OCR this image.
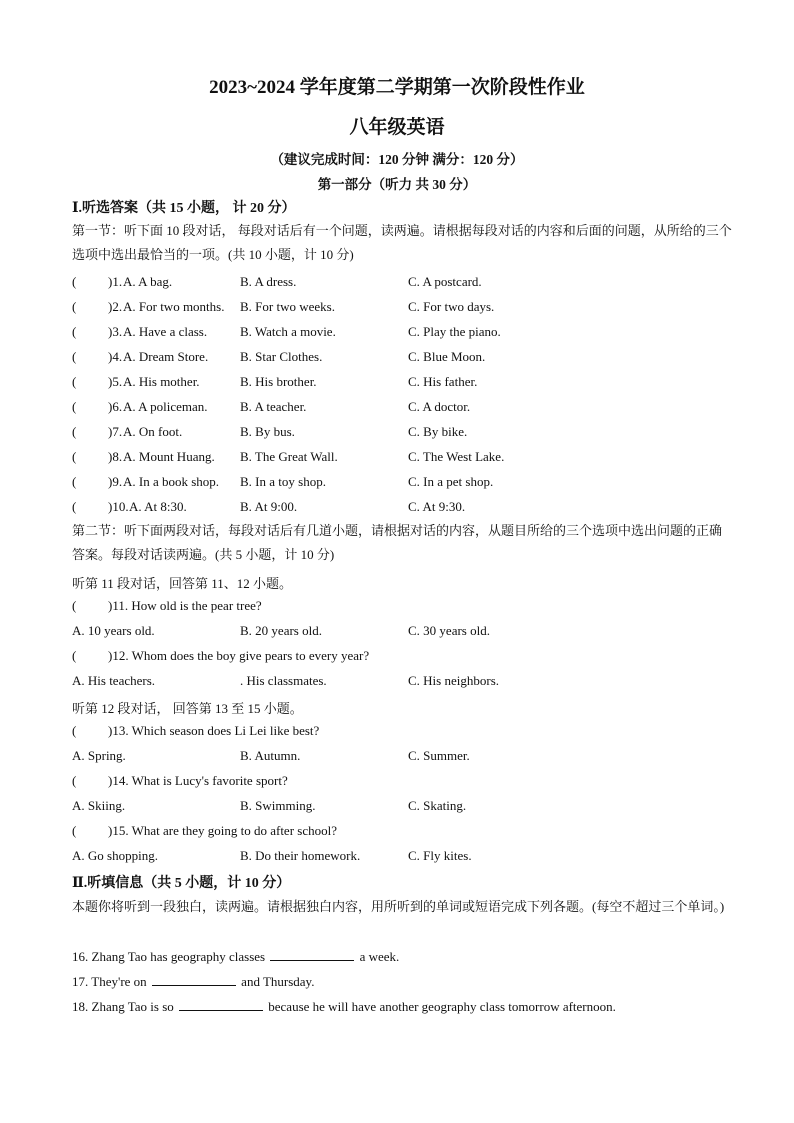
2023~2024 学年度第二学期第一次阶段性作业
八年级英语
（建议完成时间：120 分钟 满分：120 分）
第一部分（听力 共 30 分）
Ⅰ.听选答案（共 15 小题， 计 20 分）
第一节：听下面 10 段对话， 每段对话后有一个问题，读两遍。请根据每段对话的内容和后面的问题，从所给的三个选项中选出最恰当的一项。(共 10 小题，计 10 分)
( )1. A. A bag.	B. A dress.	C. A postcard.
( )2. A. For two months. B. For two weeks.	C. For two days.
( )3. A. Have a class.	B. Watch a movie.	C. Play the piano.
( )4. A. Dream Store. B. Star Clothes.	C. Blue Moon.
( )5. A. His mother.	B. His brother.	C. His father.
( )6. A. A policeman.	B. A teacher.	C. A doctor.
( )7. A. On foot.	B. By bus.	C. By bike.
( )8. A. Mount Huang. B. The Great Wall.	C. The West Lake.
( )9. A. In a book shop. B. In a toy shop.	C. In a pet shop.
( )10. A. At 8:30.	B. At 9:00.	C. At 9:30.
第二节：听下面两段对话，每段对话后有几道小题，请根据对话的内容，从题目所给的三个选项中选出问题的正确答案。每段对话读两遍。(共 5 小题，计 10 分)
听第 11 段对话，回答第 11、12 小题。
( )11. How old is the pear tree?
A. 10 years old.	B. 20 years old.	C. 30 years old.
( )12. Whom does the boy give pears to every year?
A. His teachers.	. His classmates.	C. His neighbors.
听第 12 段对话， 回答第 13 至 15 小题。
( )13. Which season does Li Lei like best?
A. Spring.	B. Autumn.	C. Summer.
( )14. What is Lucy's favorite sport?
A. Skiing.	B. Swimming.	C. Skating.
( )15. What are they going to do after school?
A. Go shopping.	B. Do their homework.	C. Fly kites.
Ⅱ.听填信息（共 5 小题，计 10 分）
本题你将听到一段独白，读两遍。请根据独白内容，用所听到的单词或短语完成下列各题。(每空不超过三个单词。)
16. Zhang Tao has geography classes	a week.
17. They're on	and Thursday.
18. Zhang Tao is so	because he will have another geography class tomorrow afternoon.
